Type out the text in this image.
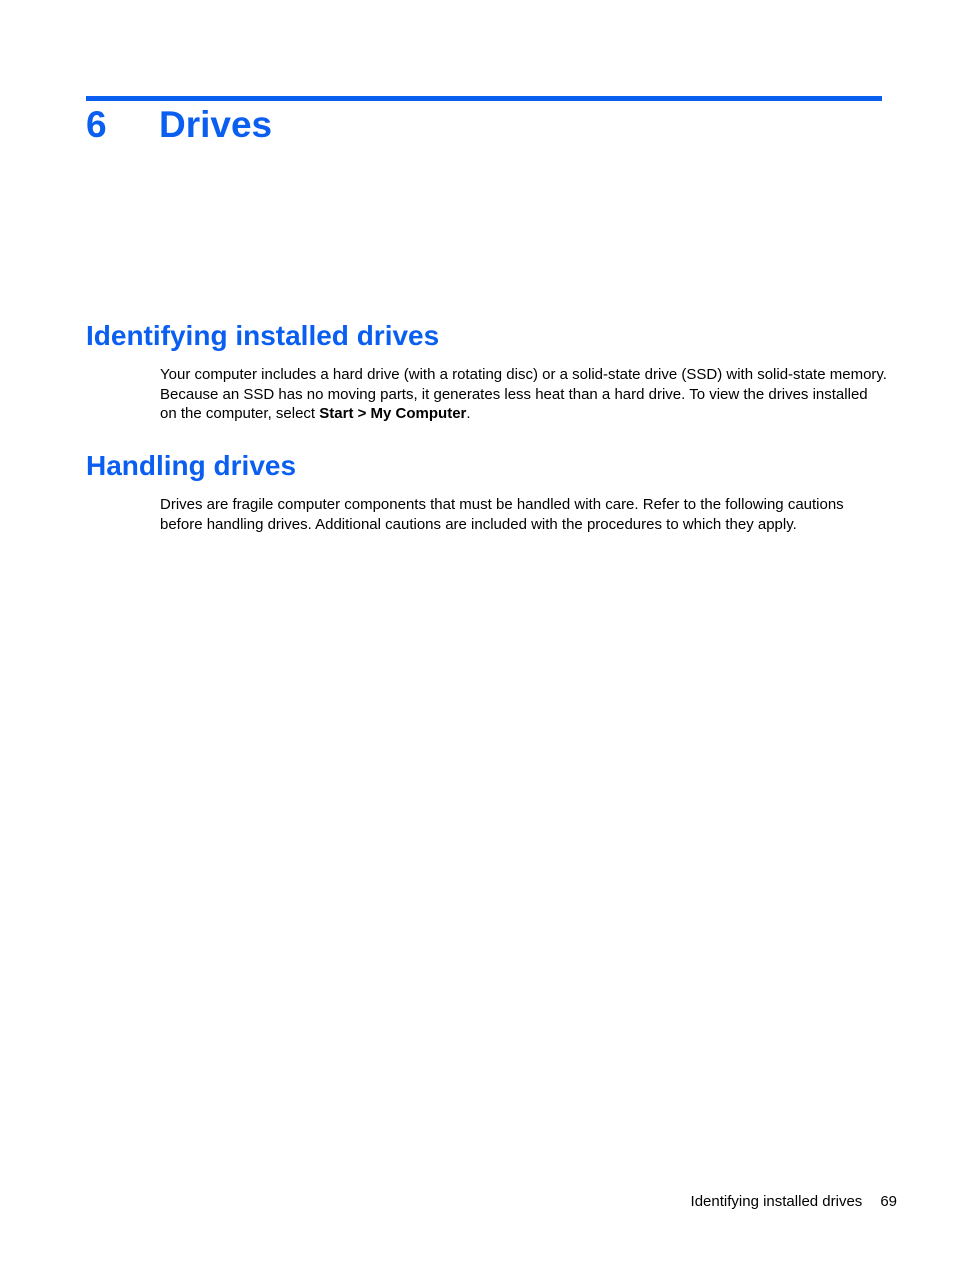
6 Drives
Identifying installed drives

Your computer includes a hard drive (with a rotating disc) or a solid-state drive (SSD) with solid-state memory. Because an SSD has no moving parts, it generates less heat than a hard drive. To view the drives installed on the computer, select Start > My Computer.

Handling drives

Drives are fragile computer components that must be handled with care. Refer to the following cautions before handling drives. Additional cautions are included with the procedures to which they apply.

Identifying installed drives 69
